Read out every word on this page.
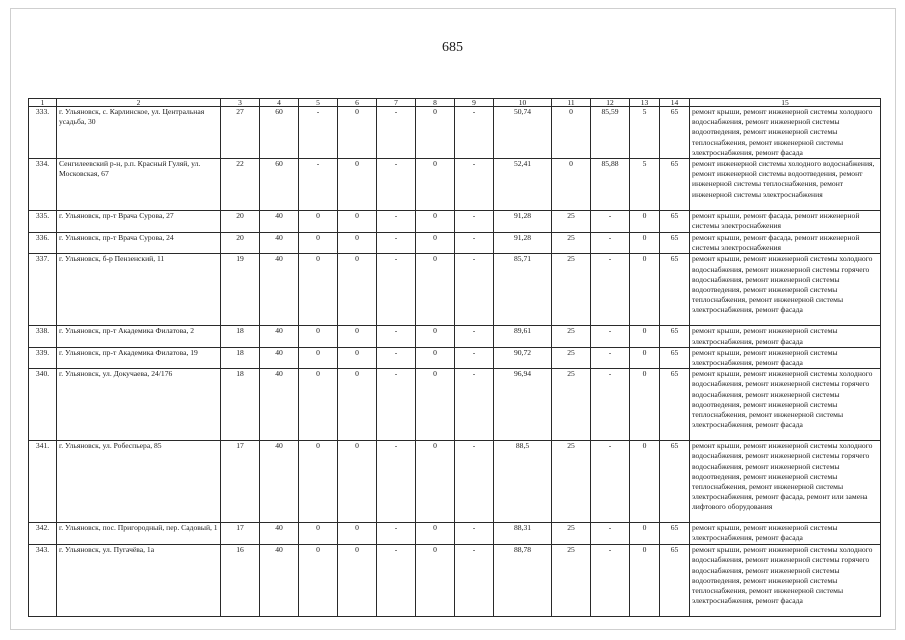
685
1	2	3	4	5	6	7	8	9	10	11	12	13	14	15
333.	г. Ульяновск, с. Карлинское, ул. Центральная усадьба, 30	27	60	-	0	-	0	-	50,74	0	85,59	5	65	ремонт крыши, ремонт инженерной системы холодного водоснабжения, ремонт инженерной системы водоотведения, ремонт инженерной системы теплоснабжения, ремонт инженерной системы электроснабжения, ремонт фасада
334.	Сенгилеевский р-н, р.п. Красный Гуляй, ул. Московская, 67	22	60	-	0	-	0	-	52,41	0	85,88	5	65	ремонт инженерной системы холодного водоснабжения, ремонт инженерной системы водоотведения, ремонт инженерной системы теплоснабжения, ремонт инженерной системы электроснабжения
335.	г. Ульяновск, пр-т Врача Сурова, 27	20	40	0	0	-	0	-	91,28	25	-	0	65	ремонт крыши, ремонт фасада, ремонт инженерной системы электроснабжения
336.	г. Ульяновск, пр-т Врача Сурова, 24	20	40	0	0	-	0	-	91,28	25	-	0	65	ремонт крыши, ремонт фасада, ремонт инженерной системы электроснабжения
337.	г. Ульяновск, б-р Пензенский, 11	19	40	0	0	-	0	-	85,71	25	-	0	65	ремонт крыши, ремонт инженерной системы холодного водоснабжения, ремонт инженерной системы горячего водоснабжения, ремонт инженерной системы водоотведения, ремонт инженерной системы теплоснабжения, ремонт инженерной системы электроснабжения, ремонт фасада
338.	г. Ульяновск, пр-т Академика Филатова, 2	18	40	0	0	-	0	-	89,61	25	-	0	65	ремонт крыши, ремонт инженерной системы электроснабжения, ремонт фасада
339.	г. Ульяновск, пр-т Академика Филатова, 19	18	40	0	0	-	0	-	90,72	25	-	0	65	ремонт крыши, ремонт инженерной системы электроснабжения, ремонт фасада
340.	г. Ульяновск, ул. Докучаева, 24/176	18	40	0	0	-	0	-	96,94	25	-	0	65	ремонт крыши, ремонт инженерной системы холодного водоснабжения, ремонт инженерной системы горячего водоснабжения, ремонт инженерной системы водоотведения, ремонт инженерной системы теплоснабжения, ремонт инженерной системы электроснабжения, ремонт фасада
341.	г. Ульяновск, ул. Робеспьера, 85	17	40	0	0	-	0	-	88,5	25	-	0	65	ремонт крыши, ремонт инженерной системы холодного водоснабжения, ремонт инженерной системы горячего водоснабжения, ремонт инженерной системы водоотведения, ремонт инженерной системы теплоснабжения, ремонт инженерной системы электроснабжения, ремонт фасада, ремонт или замена лифтового оборудования
342.	г. Ульяновск, пос. Пригородный, пер. Садовый, 1	17	40	0	0	-	0	-	88,31	25	-	0	65	ремонт крыши, ремонт инженерной системы электроснабжения, ремонт фасада
343.	г. Ульяновск, ул. Пугачёва, 1а	16	40	0	0	-	0	-	88,78	25	-	0	65	ремонт крыши, ремонт инженерной системы холодного водоснабжения, ремонт инженерной системы горячего водоснабжения, ремонт инженерной системы водоотведения, ремонт инженерной системы теплоснабжения, ремонт инженерной системы электроснабжения, ремонт фасада
